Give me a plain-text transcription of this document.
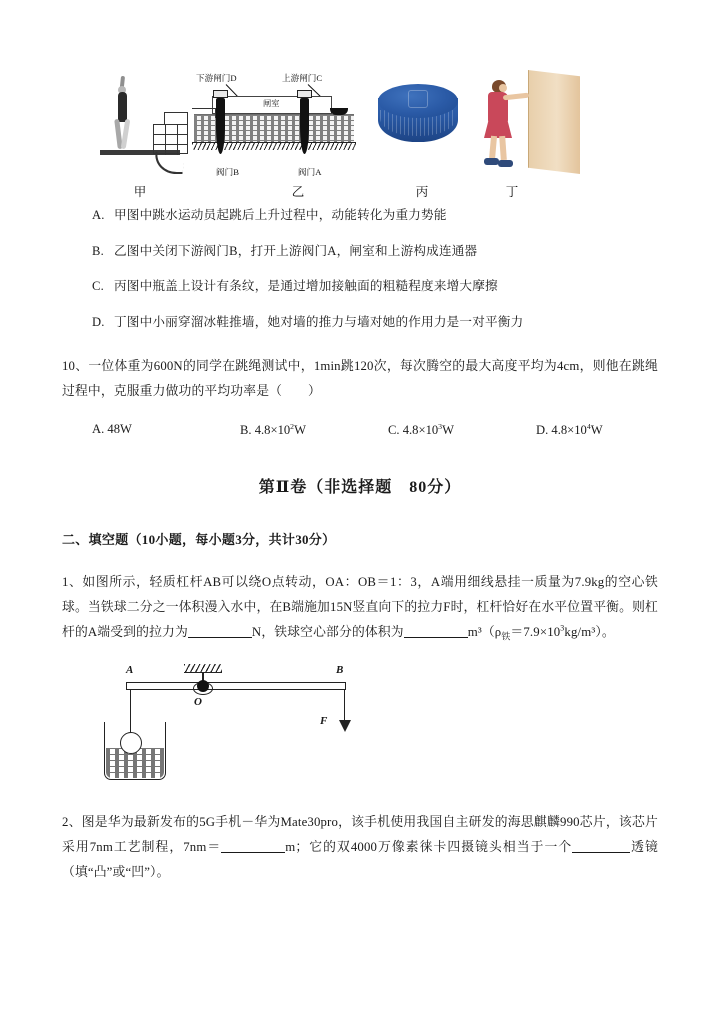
甲
下游闸门D	上游闸门C
闸室
阀门B	阀门A
乙	丙	丁
A. 甲图中跳水运动员起跳后上升过程中，动能转化为重力势能
B. 乙图中关闭下游阀门B，打开上游阀门A，闸室和上游构成连通器
C. 丙图中瓶盖上设计有条纹，是通过增加接触面的粗糙程度来增大摩擦
D. 丁图中小丽穿溜冰鞋推墙，她对墙的推力与墙对她的作用力是一对平衡力
10、一位体重为600N的同学在跳绳测试中，1min跳120次，每次腾空的最大高度平均为4cm，则他在跳绳过程中，克服重力做功的平均功率是（　　）
A. 48W	B. $4.8\times 10^2W$	C. $4.8\times 10^3W$	D. $4.8\times 10^4W$
第Ⅱ卷（非选择题　80分）
二、填空题（10小题，每小题3分，共计30分）
1、如图所示，轻质杠杆AB可以绕O点转动，OA：OB＝1：3，A端用细线悬挂一质量为7.9kg的空心铁球。当铁球二分之一体积漫入水中，在B端施加15N竖直向下的拉力F时，杠杆恰好在水平位置平衡。则杠杆的A端受到的拉力为	N，铁球空心部分的体积为	$m^3(\rho_铁=7.9\times 10^3kg/m^3)$。
A	B
O
F
2、图是华为最新发布的5G手机－华为Mate30pro，该手机使用我国自主研发的海思麒麟990芯片，该芯片采用7nm工艺制程，7nm＝	m；它的双4000万像素徕卡四摄镜头相当于一个	透镜（填“凸”或“凹”）。
